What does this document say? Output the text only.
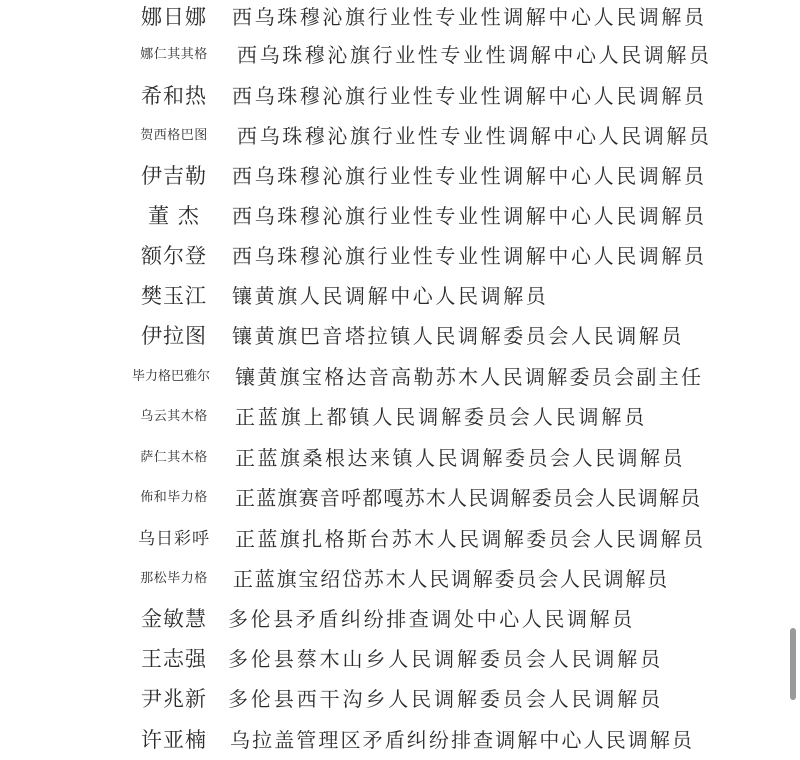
娜日娜	西乌珠穆沁旗行业性专业性调解中心人民调解员
娜仁其其格	西乌珠穆沁旗行业性专业性调解中心人民调解员
希和热	西乌珠穆沁旗行业性专业性调解中心人民调解员
贺西格巴图	西乌珠穆沁旗行业性专业性调解中心人民调解员
伊吉勒	西乌珠穆沁旗行业性专业性调解中心人民调解员
董 杰	西乌珠穆沁旗行业性专业性调解中心人民调解员
额尔登	西乌珠穆沁旗行业性专业性调解中心人民调解员
樊玉江	镶黄旗人民调解中心人民调解员
伊拉图	镶黄旗巴音塔拉镇人民调解委员会人民调解员
毕力格巴雅尔	镶黄旗宝格达音高勒苏木人民调解委员会副主任
乌云其木格	正蓝旗上都镇人民调解委员会人民调解员
萨仁其木格	正蓝旗桑根达来镇人民调解委员会人民调解员
佈和毕力格	正蓝旗赛音呼都嘎苏木人民调解委员会人民调解员
乌日彩呼	正蓝旗扎格斯台苏木人民调解委员会人民调解员
那松毕力格	正蓝旗宝绍岱苏木人民调解委员会人民调解员
金敏慧	多伦县矛盾纠纷排查调处中心人民调解员
王志强	多伦县蔡木山乡人民调解委员会人民调解员
尹兆新	多伦县西干沟乡人民调解委员会人民调解员
许亚楠	乌拉盖管理区矛盾纠纷排查调解中心人民调解员
